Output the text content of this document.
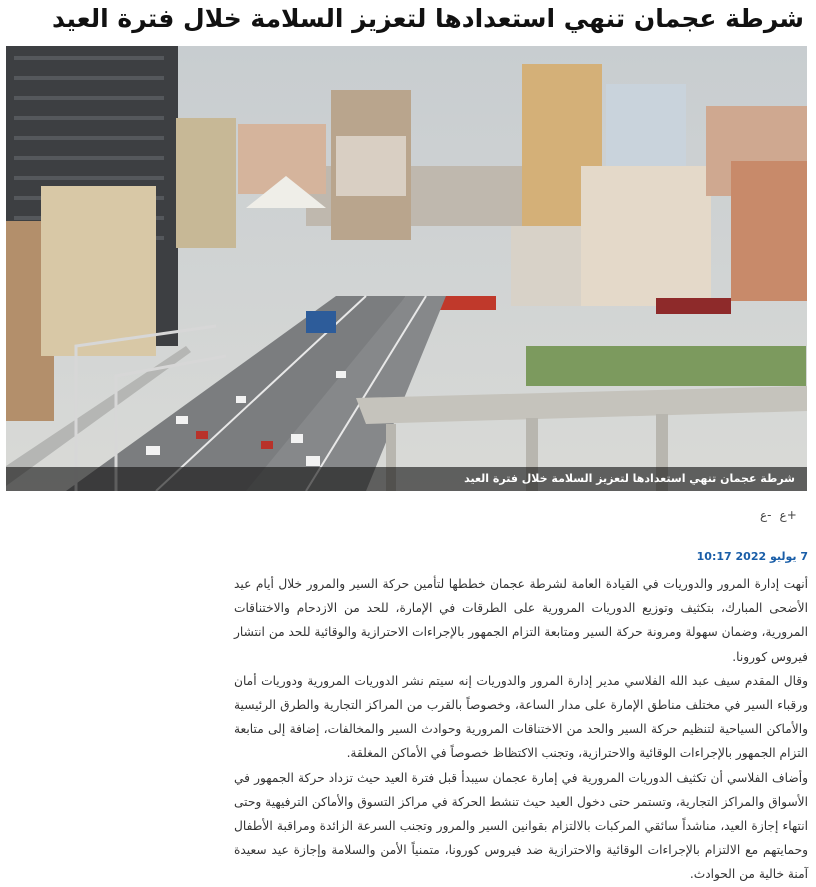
شرطة عجمان تنهي استعدادها لتعزيز السلامة خلال فترة العيد
شرطة عجمان تنهي استعدادها لتعزيز السلامة خلال فترة العيد
ع- ع+
7 يوليو 2022 10:17

أنهت إدارة المرور والدوريات في القيادة العامة لشرطة عجمان خططها لتأمين حركة السير والمرور خلال أيام عيد الأضحى المبارك، بتكثيف وتوزيع الدوريات المرورية على الطرقات في الإمارة، للحد من الازدحام والاختناقات المرورية، وضمان سهولة ومرونة حركة السير ومتابعة التزام الجمهور بالإجراءات الاحترازية والوقائية للحد من انتشار فيروس كورونا.

وقال المقدم سيف عبد الله الفلاسي مدير إدارة المرور والدوريات إنه سيتم نشر الدوريات المرورية ودوريات أمان ورقباء السير في مختلف مناطق الإمارة على مدار الساعة، وخصوصاً بالقرب من المراكز التجارية والطرق الرئيسية والأماكن السياحية لتنظيم حركة السير والحد من الاختناقات المرورية وحوادث السير والمخالفات، إضافة إلى متابعة التزام الجمهور بالإجراءات الوقائية والاحترازية، وتجنب الاكتظاظ خصوصاً في الأماكن المغلقة.

وأضاف الفلاسي أن تكثيف الدوريات المرورية في إمارة عجمان سيبدأ قبل فترة العيد حيث تزداد حركة الجمهور في الأسواق والمراكز التجارية، وتستمر حتى دخول العيد حيث تنشط الحركة في مراكز التسوق والأماكن الترفيهية وحتى انتهاء إجازة العيد، مناشداً سائقي المركبات بالالتزام بقوانين السير والمرور وتجنب السرعة الزائدة ومراقبة الأطفال وحمايتهم مع الالتزام بالإجراءات الوقائية والاحترازية ضد فيروس كورونا، متمنياً الأمن والسلامة وإجازة عيد سعيدة آمنة خالية من الحوادث.
